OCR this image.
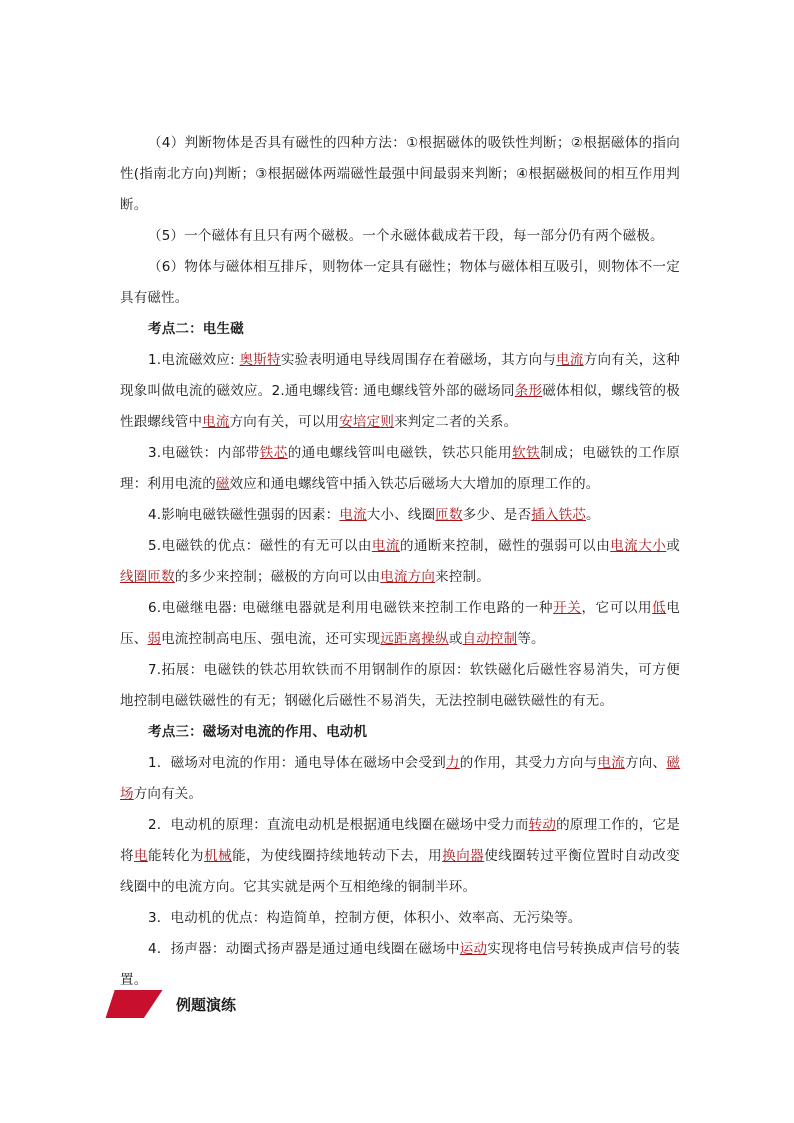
（4）判断物体是否具有磁性的四种方法：①根据磁体的吸铁性判断；②根据磁体的指向性(指南北方向)判断；③根据磁体两端磁性最强中间最弱来判断；④根据磁极间的相互作用判断。

（5）一个磁体有且只有两个磁极。一个永磁体截成若干段，每一部分仍有两个磁极。

（6）物体与磁体相互排斥，则物体一定具有磁性；物体与磁体相互吸引，则物体不一定具有磁性。

考点二：电生磁

1.电流磁效应: 奥斯特实验表明通电导线周围存在着磁场，其方向与电流方向有关，这种现象叫做电流的磁效应。2.通电螺线管: 通电螺线管外部的磁场同条形磁体相似，螺线管的极性跟螺线管中电流方向有关，可以用安培定则来判定二者的关系。

3.电磁铁：内部带铁芯的通电螺线管叫电磁铁，铁芯只能用软铁制成；电磁铁的工作原理：利用电流的磁效应和通电螺线管中插入铁芯后磁场大大增加的原理工作的。

4.影响电磁铁磁性强弱的因素：电流大小、线圈匝数多少、是否插入铁芯。

5.电磁铁的优点：磁性的有无可以由电流的通断来控制，磁性的强弱可以由电流大小或线圈匝数的多少来控制；磁极的方向可以由电流方向来控制。

6.电磁继电器: 电磁继电器就是利用电磁铁来控制工作电路的一种开关，它可以用低电压、弱电流控制高电压、强电流，还可实现远距离操纵或自动控制等。

7.拓展：电磁铁的铁芯用软铁而不用钢制作的原因：软铁磁化后磁性容易消失，可方便地控制电磁铁磁性的有无；钢磁化后磁性不易消失，无法控制电磁铁磁性的有无。

考点三：磁场对电流的作用、电动机

1．磁场对电流的作用：通电导体在磁场中会受到力的作用，其受力方向与电流方向、磁场方向有关。

2．电动机的原理：直流电动机是根据通电线圈在磁场中受力而转动的原理工作的，它是将电能转化为机械能，为使线圈持续地转动下去，用换向器使线圈转过平衡位置时自动改变线圈中的电流方向。它其实就是两个互相绝缘的铜制半环。

3．电动机的优点：构造简单，控制方便，体积小、效率高、无污染等。

4．扬声器：动圈式扬声器是通过通电线圈在磁场中运动实现将电信号转换成声信号的装置。

例题演练
